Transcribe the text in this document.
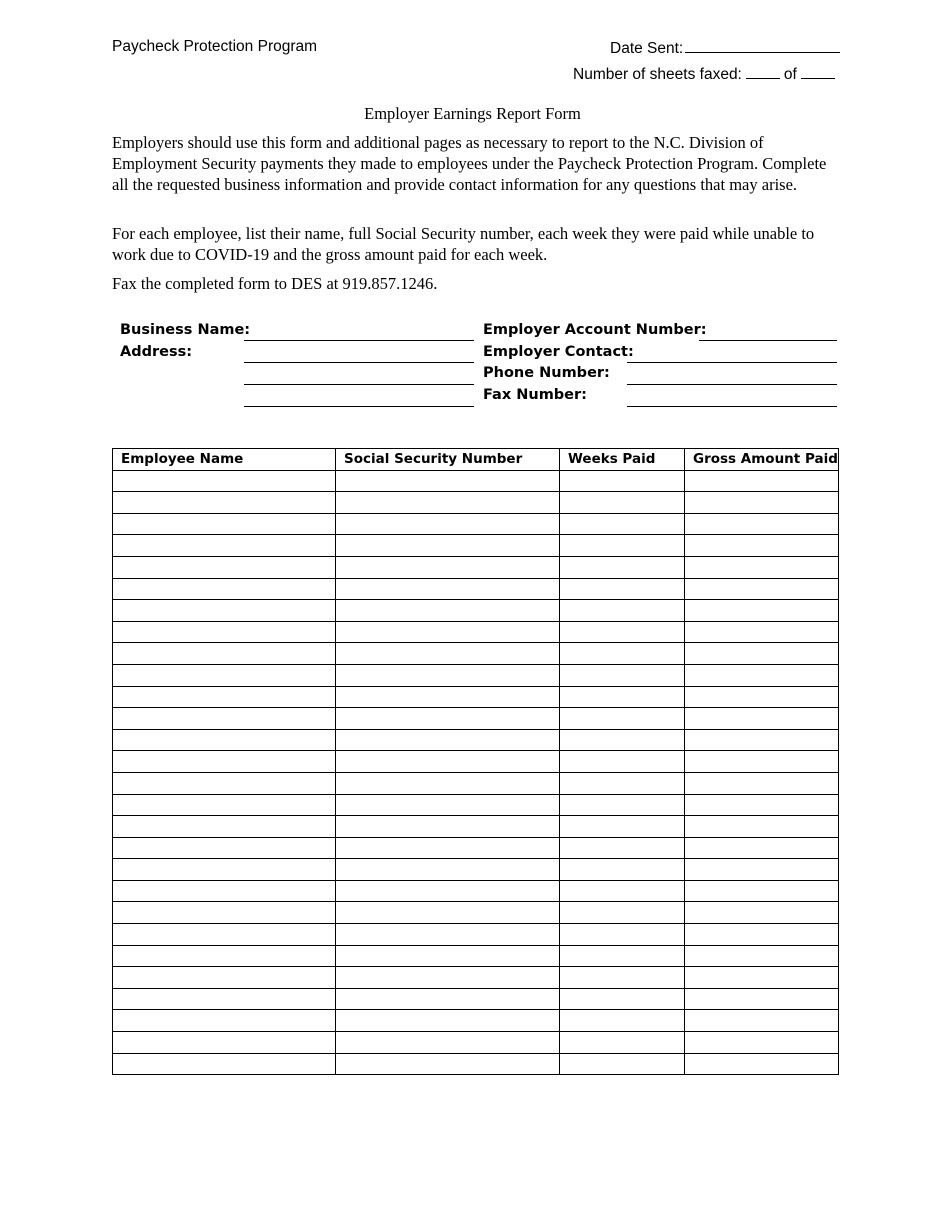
Paycheck Protection Program	Date Sent:
Number of sheets faxed:	of
Employer Earnings Report Form
Employers should use this form and additional pages as necessary to report to the N.C. Division of Employment Security payments they made to employees under the Paycheck Protection Program. Complete all the requested business information and provide contact information for any questions that may arise.
For each employee, list their name, full Social Security number, each week they were paid while unable to work due to COVID-19 and the gross amount paid for each week.
Fax the completed form to DES at 919.857.1246.
Business Name:
Address:
Employer Account Number:
Employer Contact:
Phone Number:
Fax Number:
Employee Name	Social Security Number	Weeks Paid	Gross Amount Paid
